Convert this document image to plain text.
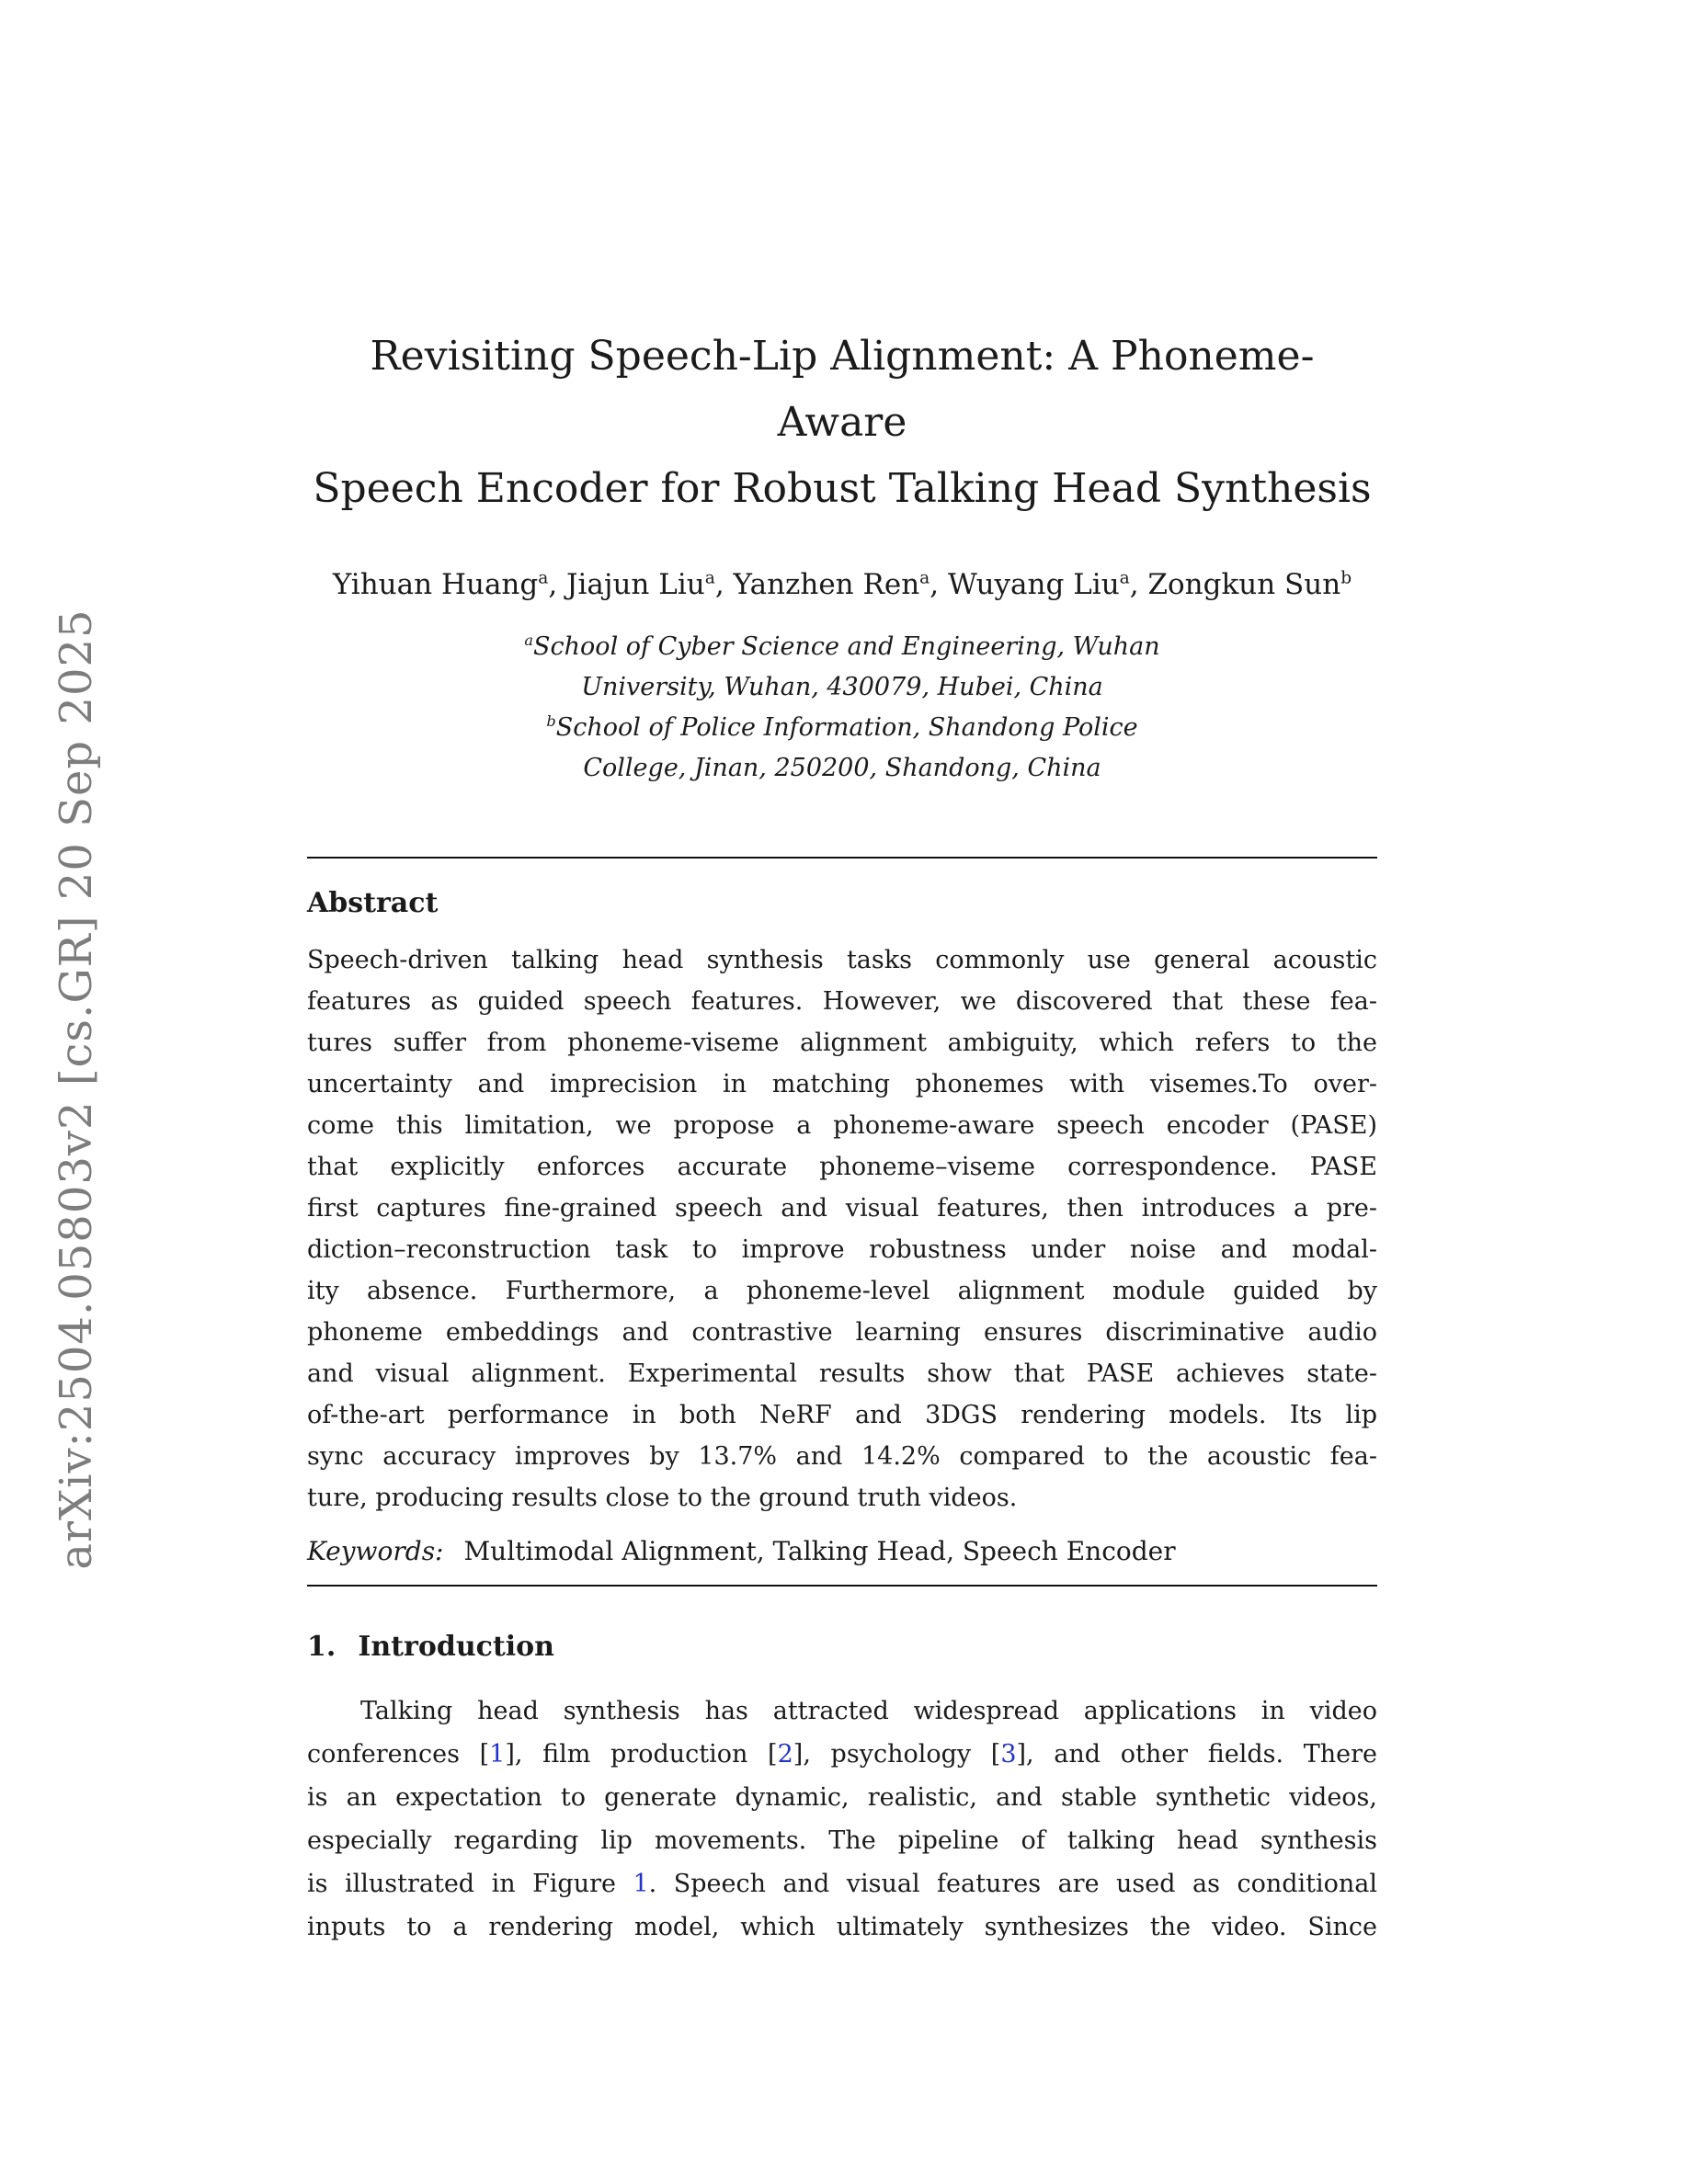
arXiv:2504.05803v2 [cs.GR] 20 Sep 2025
Revisiting Speech-Lip Alignment: A Phoneme-Aware
Speech Encoder for Robust Talking Head Synthesis
Yihuan Huang$^a$, Jiajun Liu$^a$, Yanzhen Ren$^a$, Wuyang Liu$^a$, Zongkun Sun$^b$
$^a$School of Cyber Science and Engineering, Wuhan
University, Wuhan, 430079, Hubei, China
$^b$School of Police Information, Shandong Police
College, Jinan, 250200, Shandong, China
Abstract
Speech-driven talking head synthesis tasks commonly use general acoustic
features as guided speech features. However, we discovered that these fea-
tures suffer from phoneme-viseme alignment ambiguity, which refers to the
uncertainty and imprecision in matching phonemes with visemes.To over-
come this limitation, we propose a phoneme-aware speech encoder (PASE)
that explicitly enforces accurate phoneme–viseme correspondence. PASE
first captures fine-grained speech and visual features, then introduces a pre-
diction–reconstruction task to improve robustness under noise and modal-
ity absence. Furthermore, a phoneme-level alignment module guided by
phoneme embeddings and contrastive learning ensures discriminative audio
and visual alignment. Experimental results show that PASE achieves state-
of-the-art performance in both NeRF and 3DGS rendering models. Its lip
sync accuracy improves by 13.7% and 14.2% compared to the acoustic fea-
ture, producing results close to the ground truth videos.
Keywords: Multimodal Alignment, Talking Head, Speech Encoder
1. Introduction
Talking head synthesis has attracted widespread applications in video
conferences [1], film production [2], psychology [3], and other fields. There
is an expectation to generate dynamic, realistic, and stable synthetic videos,
especially regarding lip movements. The pipeline of talking head synthesis
is illustrated in Figure 1. Speech and visual features are used as conditional
inputs to a rendering model, which ultimately synthesizes the video. Since
